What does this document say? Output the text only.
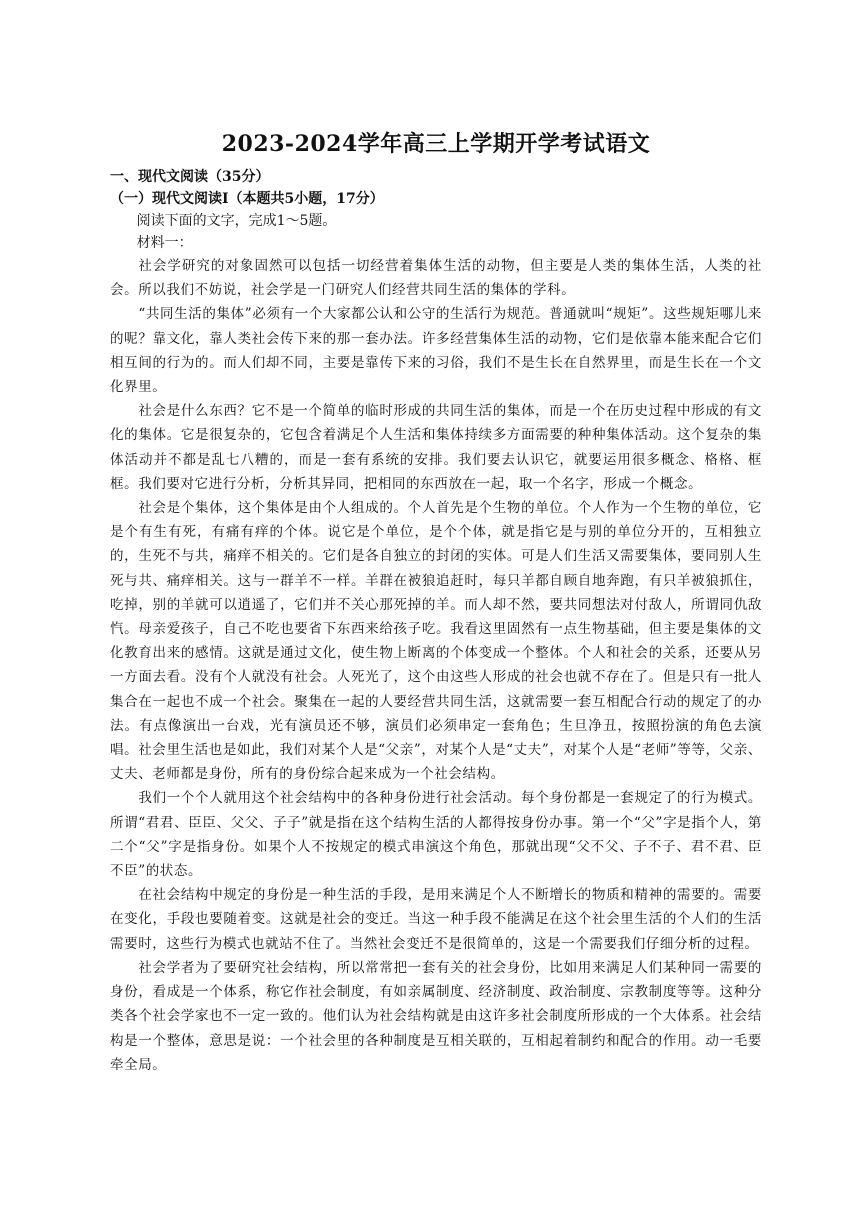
2023-2024学年高三上学期开学考试语文

一、现代文阅读（35分）

（一）现代文阅读Ⅰ（本题共5小题，17分）

阅读下面的文字，完成1～5题。

材料一：

社会学研究的对象固然可以包括一切经营着集体生活的动物，但主要是人类的集体生活，人类的社会。所以我们不妨说，社会学是一门研究人们经营共同生活的集体的学科。

“共同生活的集体”必须有一个大家都公认和公守的生活行为规范。普通就叫“规矩”。这些规矩哪儿来的呢？靠文化，靠人类社会传下来的那一套办法。许多经营集体生活的动物，它们是依靠本能来配合它们相互间的行为的。而人们却不同，主要是靠传下来的习俗，我们不是生长在自然界里，而是生长在一个文化界里。

社会是什么东西？它不是一个简单的临时形成的共同生活的集体，而是一个在历史过程中形成的有文化的集体。它是很复杂的，它包含着满足个人生活和集体持续多方面需要的种种集体活动。这个复杂的集体活动并不都是乱七八糟的，而是一套有系统的安排。我们要去认识它，就要运用很多概念、格格、框框。我们要对它进行分析，分析其异同，把相同的东西放在一起，取一个名字，形成一个概念。

社会是个集体，这个集体是由个人组成的。个人首先是个生物的单位。个人作为一个生物的单位，它是个有生有死，有痛有痒的个体。说它是个单位，是个个体，就是指它是与别的单位分开的，互相独立的，生死不与共，痛痒不相关的。它们是各自独立的封闭的实体。可是人们生活又需要集体，要同别人生死与共、痛痒相关。这与一群羊不一样。羊群在被狼追赶时，每只羊都自顾自地奔跑，有只羊被狼抓住，吃掉，别的羊就可以逍遥了，它们并不关心那死掉的羊。而人却不然，要共同想法对付敌人，所谓同仇敌忾。母亲爱孩子，自己不吃也要省下东西来给孩子吃。我看这里固然有一点生物基础，但主要是集体的文化教育出来的感情。这就是通过文化，使生物上断离的个体变成一个整体。个人和社会的关系，还要从另一方面去看。没有个人就没有社会。人死光了，这个由这些人形成的社会也就不存在了。但是只有一批人集合在一起也不成一个社会。聚集在一起的人要经营共同生活，这就需要一套互相配合行动的规定了的办法。有点像演出一台戏，光有演员还不够，演员们必须串定一套角色；生旦净丑，按照扮演的角色去演唱。社会里生活也是如此，我们对某个人是“父亲”，对某个人是“丈夫”，对某个人是“老师”等等，父亲、丈夫、老师都是身份，所有的身份综合起来成为一个社会结构。

我们一个个人就用这个社会结构中的各种身份进行社会活动。每个身份都是一套规定了的行为模式。所谓“君君、臣臣、父父、子子”就是指在这个结构生活的人都得按身份办事。第一个“父”字是指个人，第二个“父”字是指身份。如果个人不按规定的模式串演这个角色，那就出现“父不父、子不子、君不君、臣不臣”的状态。

在社会结构中规定的身份是一种生活的手段，是用来满足个人不断增长的物质和精神的需要的。需要在变化，手段也要随着变。这就是社会的变迁。当这一种手段不能满足在这个社会里生活的个人们的生活需要时，这些行为模式也就站不住了。当然社会变迁不是很简单的，这是一个需要我们仔细分析的过程。

社会学者为了要研究社会结构，所以常常把一套有关的社会身份，比如用来满足人们某种同一需要的身份，看成是一个体系，称它作社会制度，有如亲属制度、经济制度、政治制度、宗教制度等等。这种分类各个社会学家也不一定一致的。他们认为社会结构就是由这许多社会制度所形成的一个大体系。社会结构是一个整体，意思是说：一个社会里的各种制度是互相关联的，互相起着制约和配合的作用。动一毛要牵全局。
